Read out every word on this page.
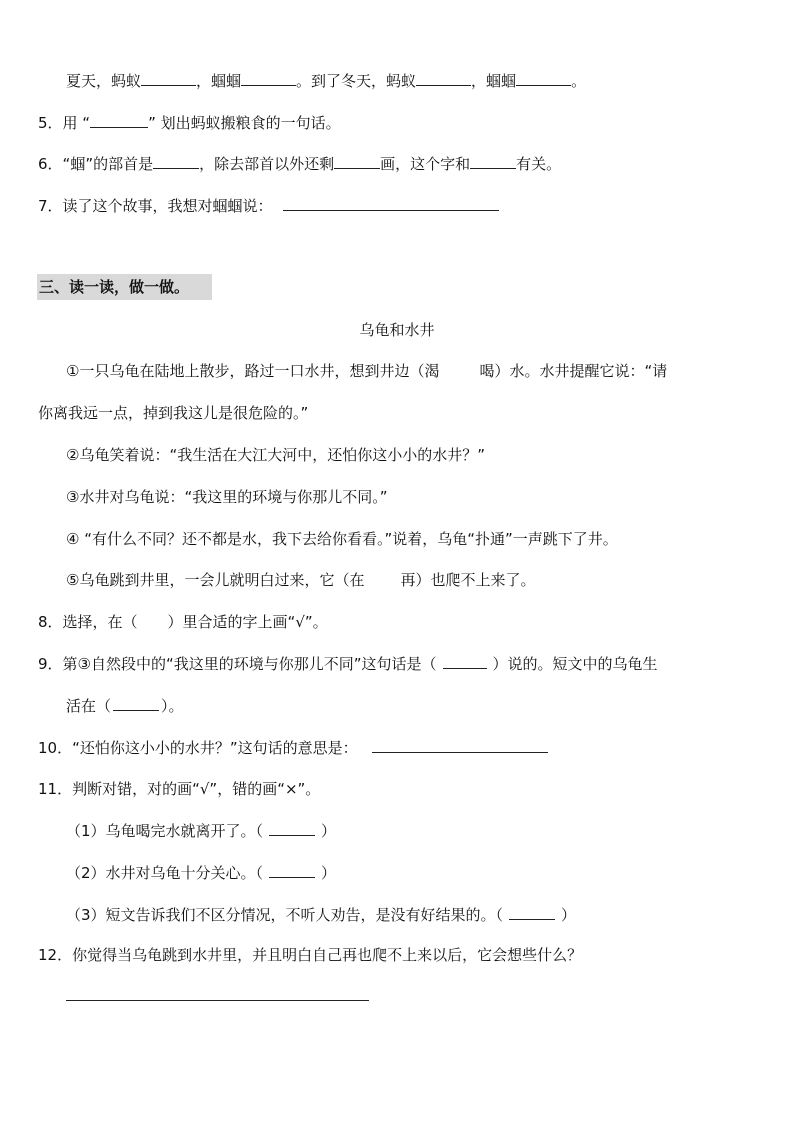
夏天，蚂蚁	，蝈蝈	。到了冬天，蚂蚁	，蝈蝈	。
5．用 “	” 划出蚂蚁搬粮食的一句话。
6．“蝈”的部首是	，除去部首以外还剩	画，这个字和	有关。
7．读了这个故事，我想对蝈蝈说：
三、读一读，做一做。
乌龟和水井
①一只乌龟在陆地上散步，路过一口水井，想到井边（渴	喝）水。水井提醒它说：“请
你离我远一点，掉到我这儿是很危险的。”
②乌龟笑着说：“我生活在大江大河中，还怕你这小小的水井？”
③水井对乌龟说：“我这里的环境与你那儿不同。”
④ “有什么不同？还不都是水，我下去给你看看。”说着，乌龟“扑通”一声跳下了井。
⑤乌龟跳到井里，一会儿就明白过来，它（在 再）也爬不上来了。
8．选择，在（　　）里合适的字上画“√”。
9．第③自然段中的“我这里的环境与你那儿不同”这句话是（	）说的。短文中的乌龟生
活在（	）。
10．“还怕你这小小的水井？”这句话的意思是：
11．判断对错，对的画“√”，错的画“×”。
（1）乌龟喝完水就离开了。（	）
（2）水井对乌龟十分关心。（	）
（3）短文告诉我们不区分情况，不听人劝告，是没有好结果的。（	）
12．你觉得当乌龟跳到水井里，并且明白自己再也爬不上来以后，它会想些什么？
